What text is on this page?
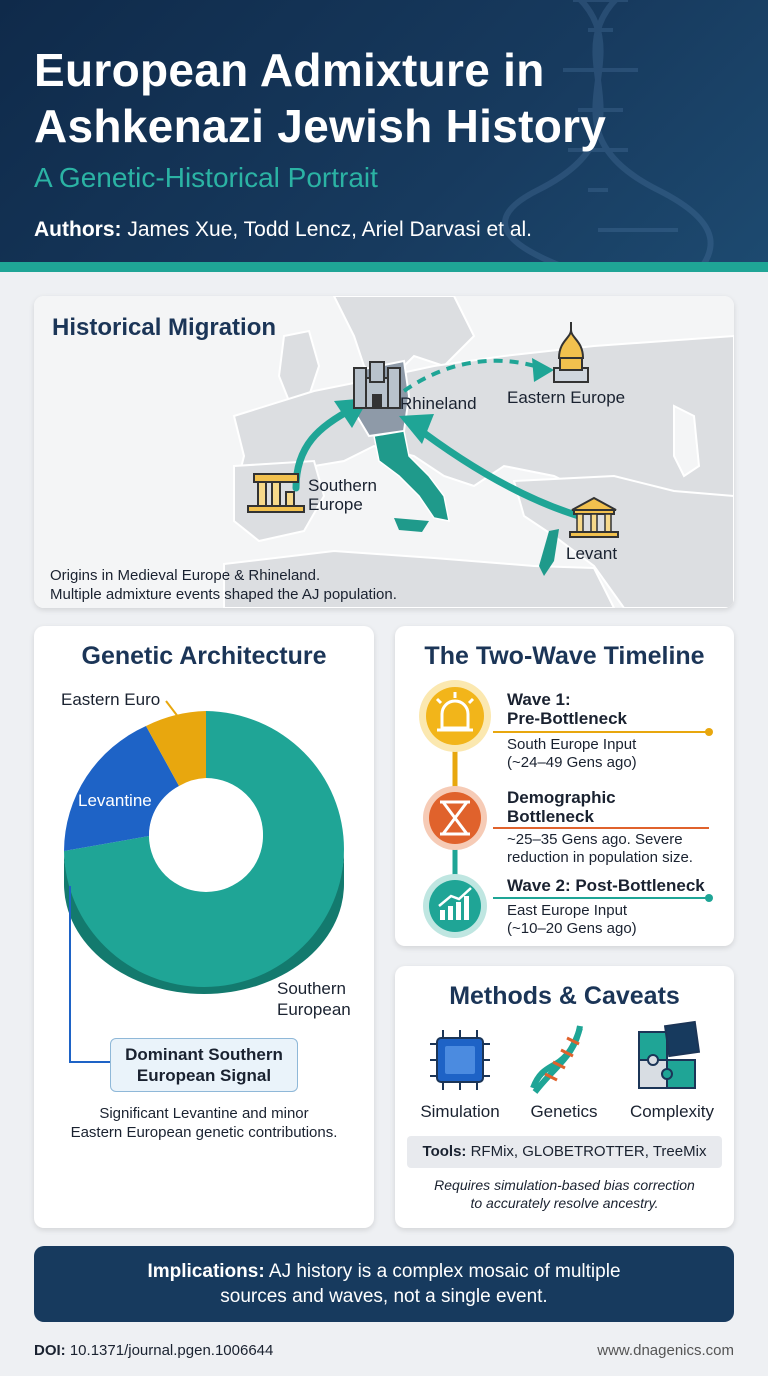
European Admixture in
Ashkenazi Jewish History
A Genetic-Historical Portrait
Authors: James Xue, Todd Lencz, Ariel Darvasi et al.
Historical Migration
Rhineland Eastern Europe
Southern
Europe
Levant
Origins in Medieval Europe & Rhineland.
Multiple admixture events shaped the AJ population.
Genetic Architecture
Eastern Euro
Levantine
Southern
European
Dominant Southern
European Signal
Significant Levantine and minor
Eastern European genetic contributions.
The Two-Wave Timeline
Wave 1:
Pre-Bottleneck
South Europe Input
(~24–49 Gens ago)
Demographic
Bottleneck
~25–35 Gens ago. Severe
reduction in population size.
Wave 2: Post-Bottleneck
East Europe Input
(~10–20 Gens ago)
Methods & Caveats
Simulation	Genetics	Complexity
Tools: RFMix, GLOBETROTTER, TreeMix
Requires simulation-based bias correction
to accurately resolve ancestry.
Implications: AJ history is a complex mosaic of multiple
sources and waves, not a single event.
DOI: 10.1371/journal.pgen.1006644	www.dnagenics.com
